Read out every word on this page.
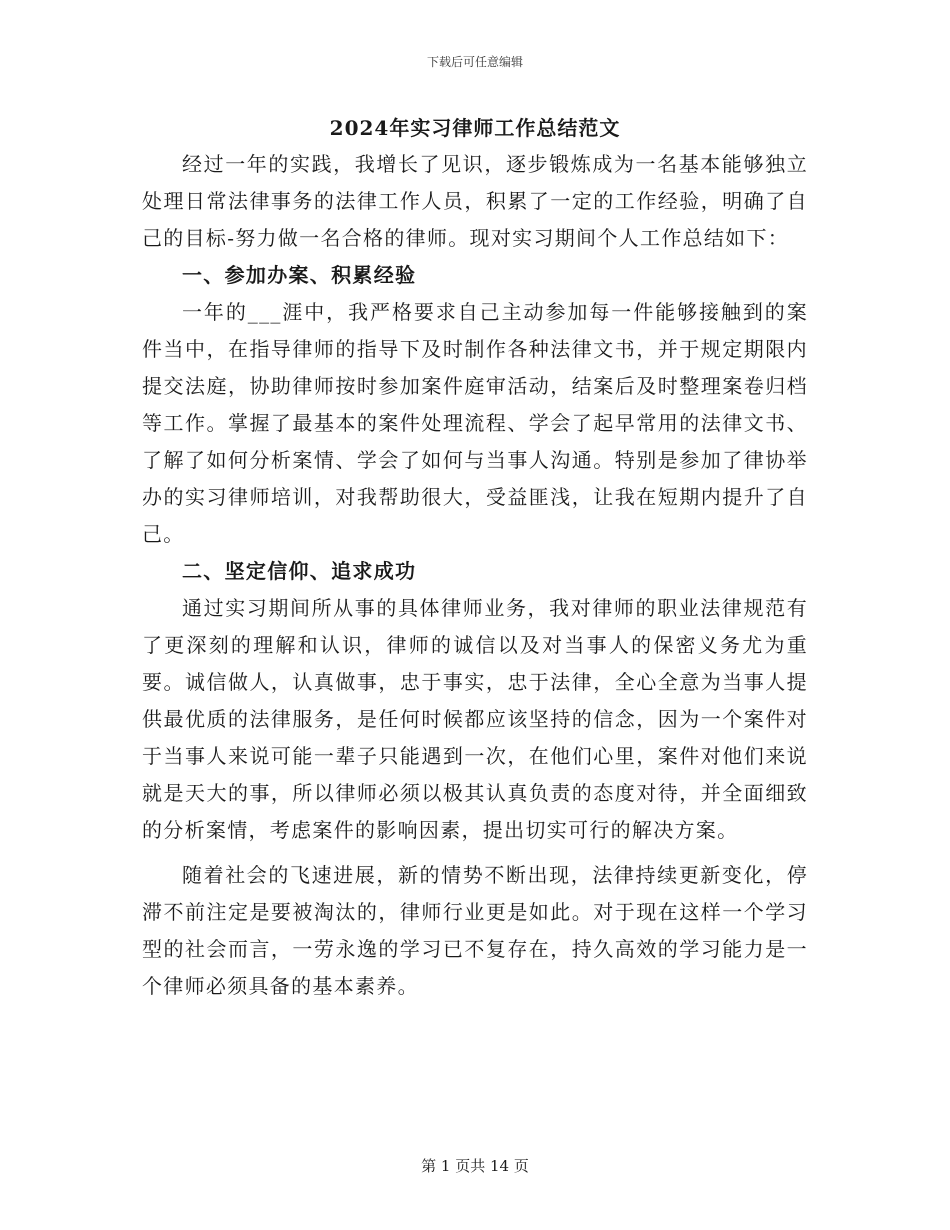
下载后可任意编辑
2024年实习律师工作总结范文

经过一年的实践，我增长了见识，逐步锻炼成为一名基本能够独立处理日常法律事务的法律工作人员，积累了一定的工作经验，明确了自己的目标-努力做一名合格的律师。现对实习期间个人工作总结如下：

一、参加办案、积累经验

一年的___涯中，我严格要求自己主动参加每一件能够接触到的案件当中，在指导律师的指导下及时制作各种法律文书，并于规定期限内提交法庭，协助律师按时参加案件庭审活动，结案后及时整理案卷归档等工作。掌握了最基本的案件处理流程、学会了起早常用的法律文书、了解了如何分析案情、学会了如何与当事人沟通。特别是参加了律协举办的实习律师培训，对我帮助很大，受益匪浅，让我在短期内提升了自己。

二、坚定信仰、追求成功

通过实习期间所从事的具体律师业务，我对律师的职业法律规范有了更深刻的理解和认识，律师的诚信以及对当事人的保密义务尤为重要。诚信做人，认真做事，忠于事实，忠于法律，全心全意为当事人提供最优质的法律服务，是任何时候都应该坚持的信念，因为一个案件对于当事人来说可能一辈子只能遇到一次，在他们心里，案件对他们来说就是天大的事，所以律师必须以极其认真负责的态度对待，并全面细致的分析案情，考虑案件的影响因素，提出切实可行的解决方案。

随着社会的飞速进展，新的情势不断出现，法律持续更新变化，停滞不前注定是要被淘汰的，律师行业更是如此。对于现在这样一个学习型的社会而言，一劳永逸的学习已不复存在，持久高效的学习能力是一个律师必须具备的基本素养。

第 1 页共 14 页
